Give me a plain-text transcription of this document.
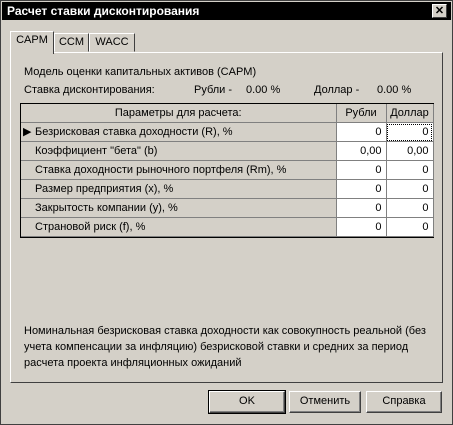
Расчет ставки дисконтирования	✕
CAPM	CCM	WACC
Модель оценки капитальных активов (CAPM)
Ставка дисконтирования:	Рубли - 0.00 %	Доллар - 0.00 %
Параметры для расчета:	Рубли	Доллар
▶ Безрисковая ставка доходности (R), %	0	0
Коэффициент "бета" (b)	0,00	0,00
Ставка доходности рыночного портфеля (Rm), %	0	0
Размер предприятия (x), %	0	0
Закрытость компании (y), %	0	0
Страновой риск (f), %	0	0
Номинальная безрисковая ставка доходности как совокупность реальной (без учета компенсации за инфляцию) безрисковой ставки и средних за период расчета проекта инфляционных ожиданий
OK	Отменить	Справка
